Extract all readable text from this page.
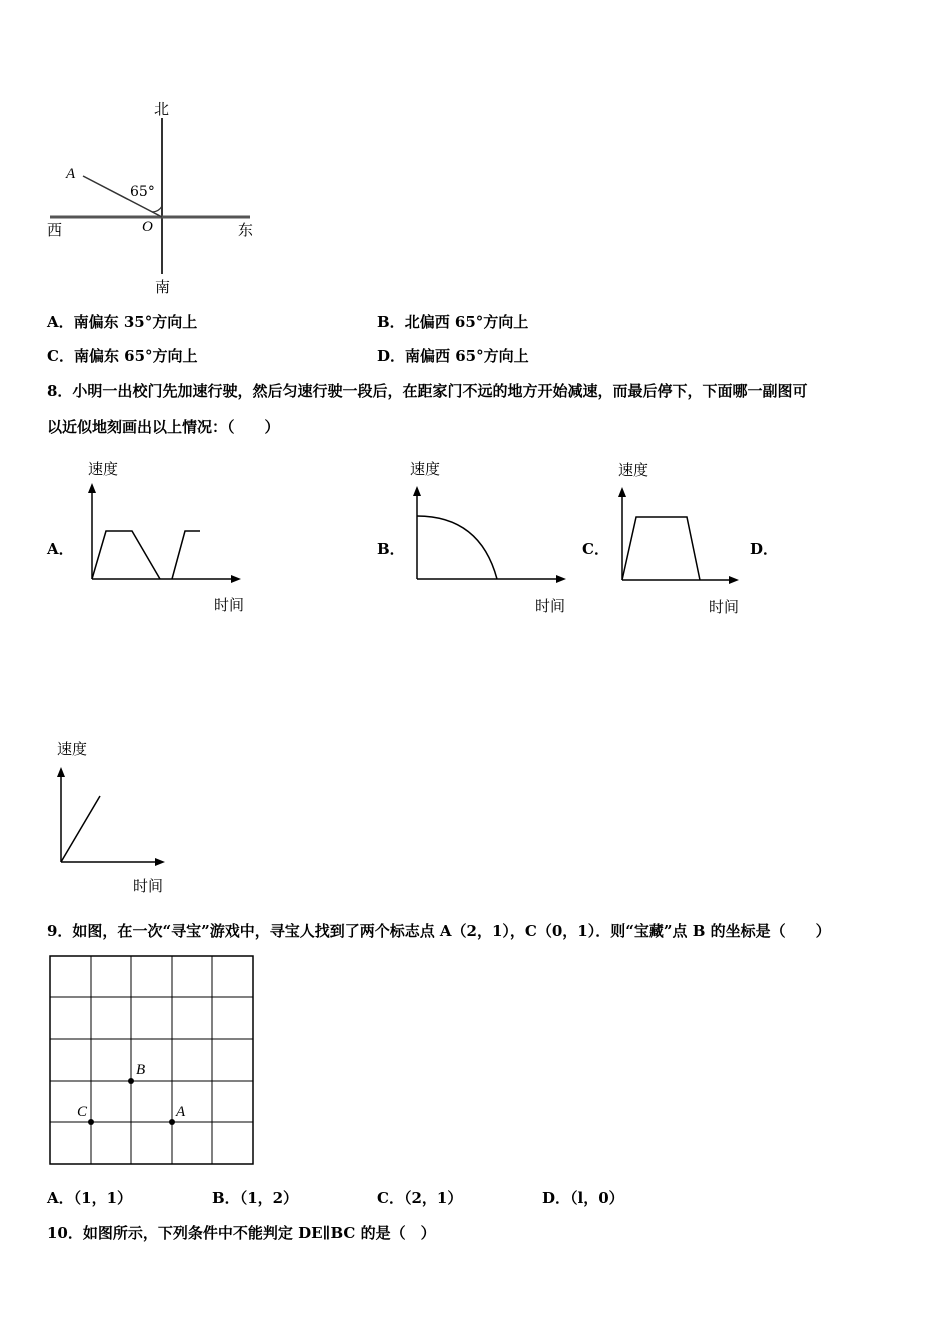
北
南
西	东
A
O
65°
A．南偏东 35°方向上	B．北偏西 65°方向上
C．南偏东 65°方向上	D．南偏西 65°方向上
8．小明一出校门先加速行驶，然后匀速行驶一段后，在距家门不远的地方开始减速，而最后停下，下面哪一副图可
以近似地刻画出以上情况：（　　）
速度
时间
A．
速度
时间
B．
速度
时间
C．	D．
速度
时间
9．如图，在一次“寻宝”游戏中，寻宝人找到了两个标志点 A（2，1），C（0，1）．则“宝藏”点 B 的坐标是（　　）
B
C	A
A．（1，1）	B．（1，2）	C．（2，1）	D．（l，0）
10．如图所示，下列条件中不能判定 DE∥BC 的是（　）
